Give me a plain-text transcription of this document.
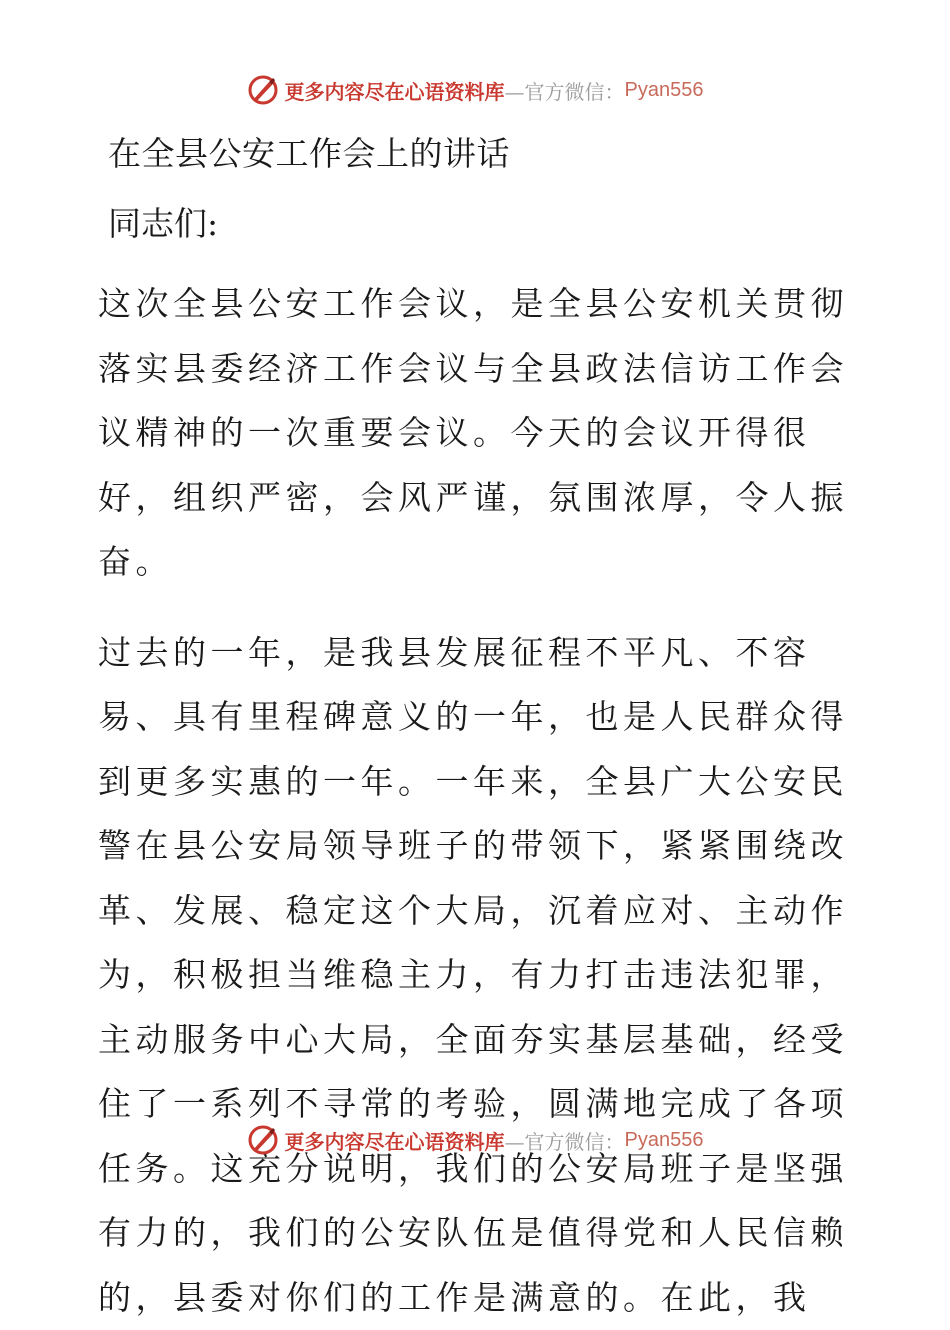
更多内容尽在心语资料库 —官方微信： Pyan556
在全县公安工作会上的讲话
同志们:
这次全县公安工作会议，是全县公安机关贯彻落实县委经济工作会议与全县政法信访工作会议精神的一次重要会议。今天的会议开得很好，组织严密，会风严谨，氛围浓厚，令人振奋。
过去的一年，是我县发展征程不平凡、不容易、具有里程碑意义的一年，也是人民群众得到更多实惠的一年。一年来，全县广大公安民警在县公安局领导班子的带领下，紧紧围绕改革、发展、稳定这个大局，沉着应对、主动作为，积极担当维稳主力，有力打击违法犯罪，主动服务中心大局，全面夯实基层基础，经受住了一系列不寻常的考验，圆满地完成了各项任务。这充分说明，我们的公安局班子是坚强有力的，我们的公安队伍是值得党和人民信赖的，县委对你们的工作是满意的。在此，我
更多内容尽在心语资料库 —官方微信： Pyan556
